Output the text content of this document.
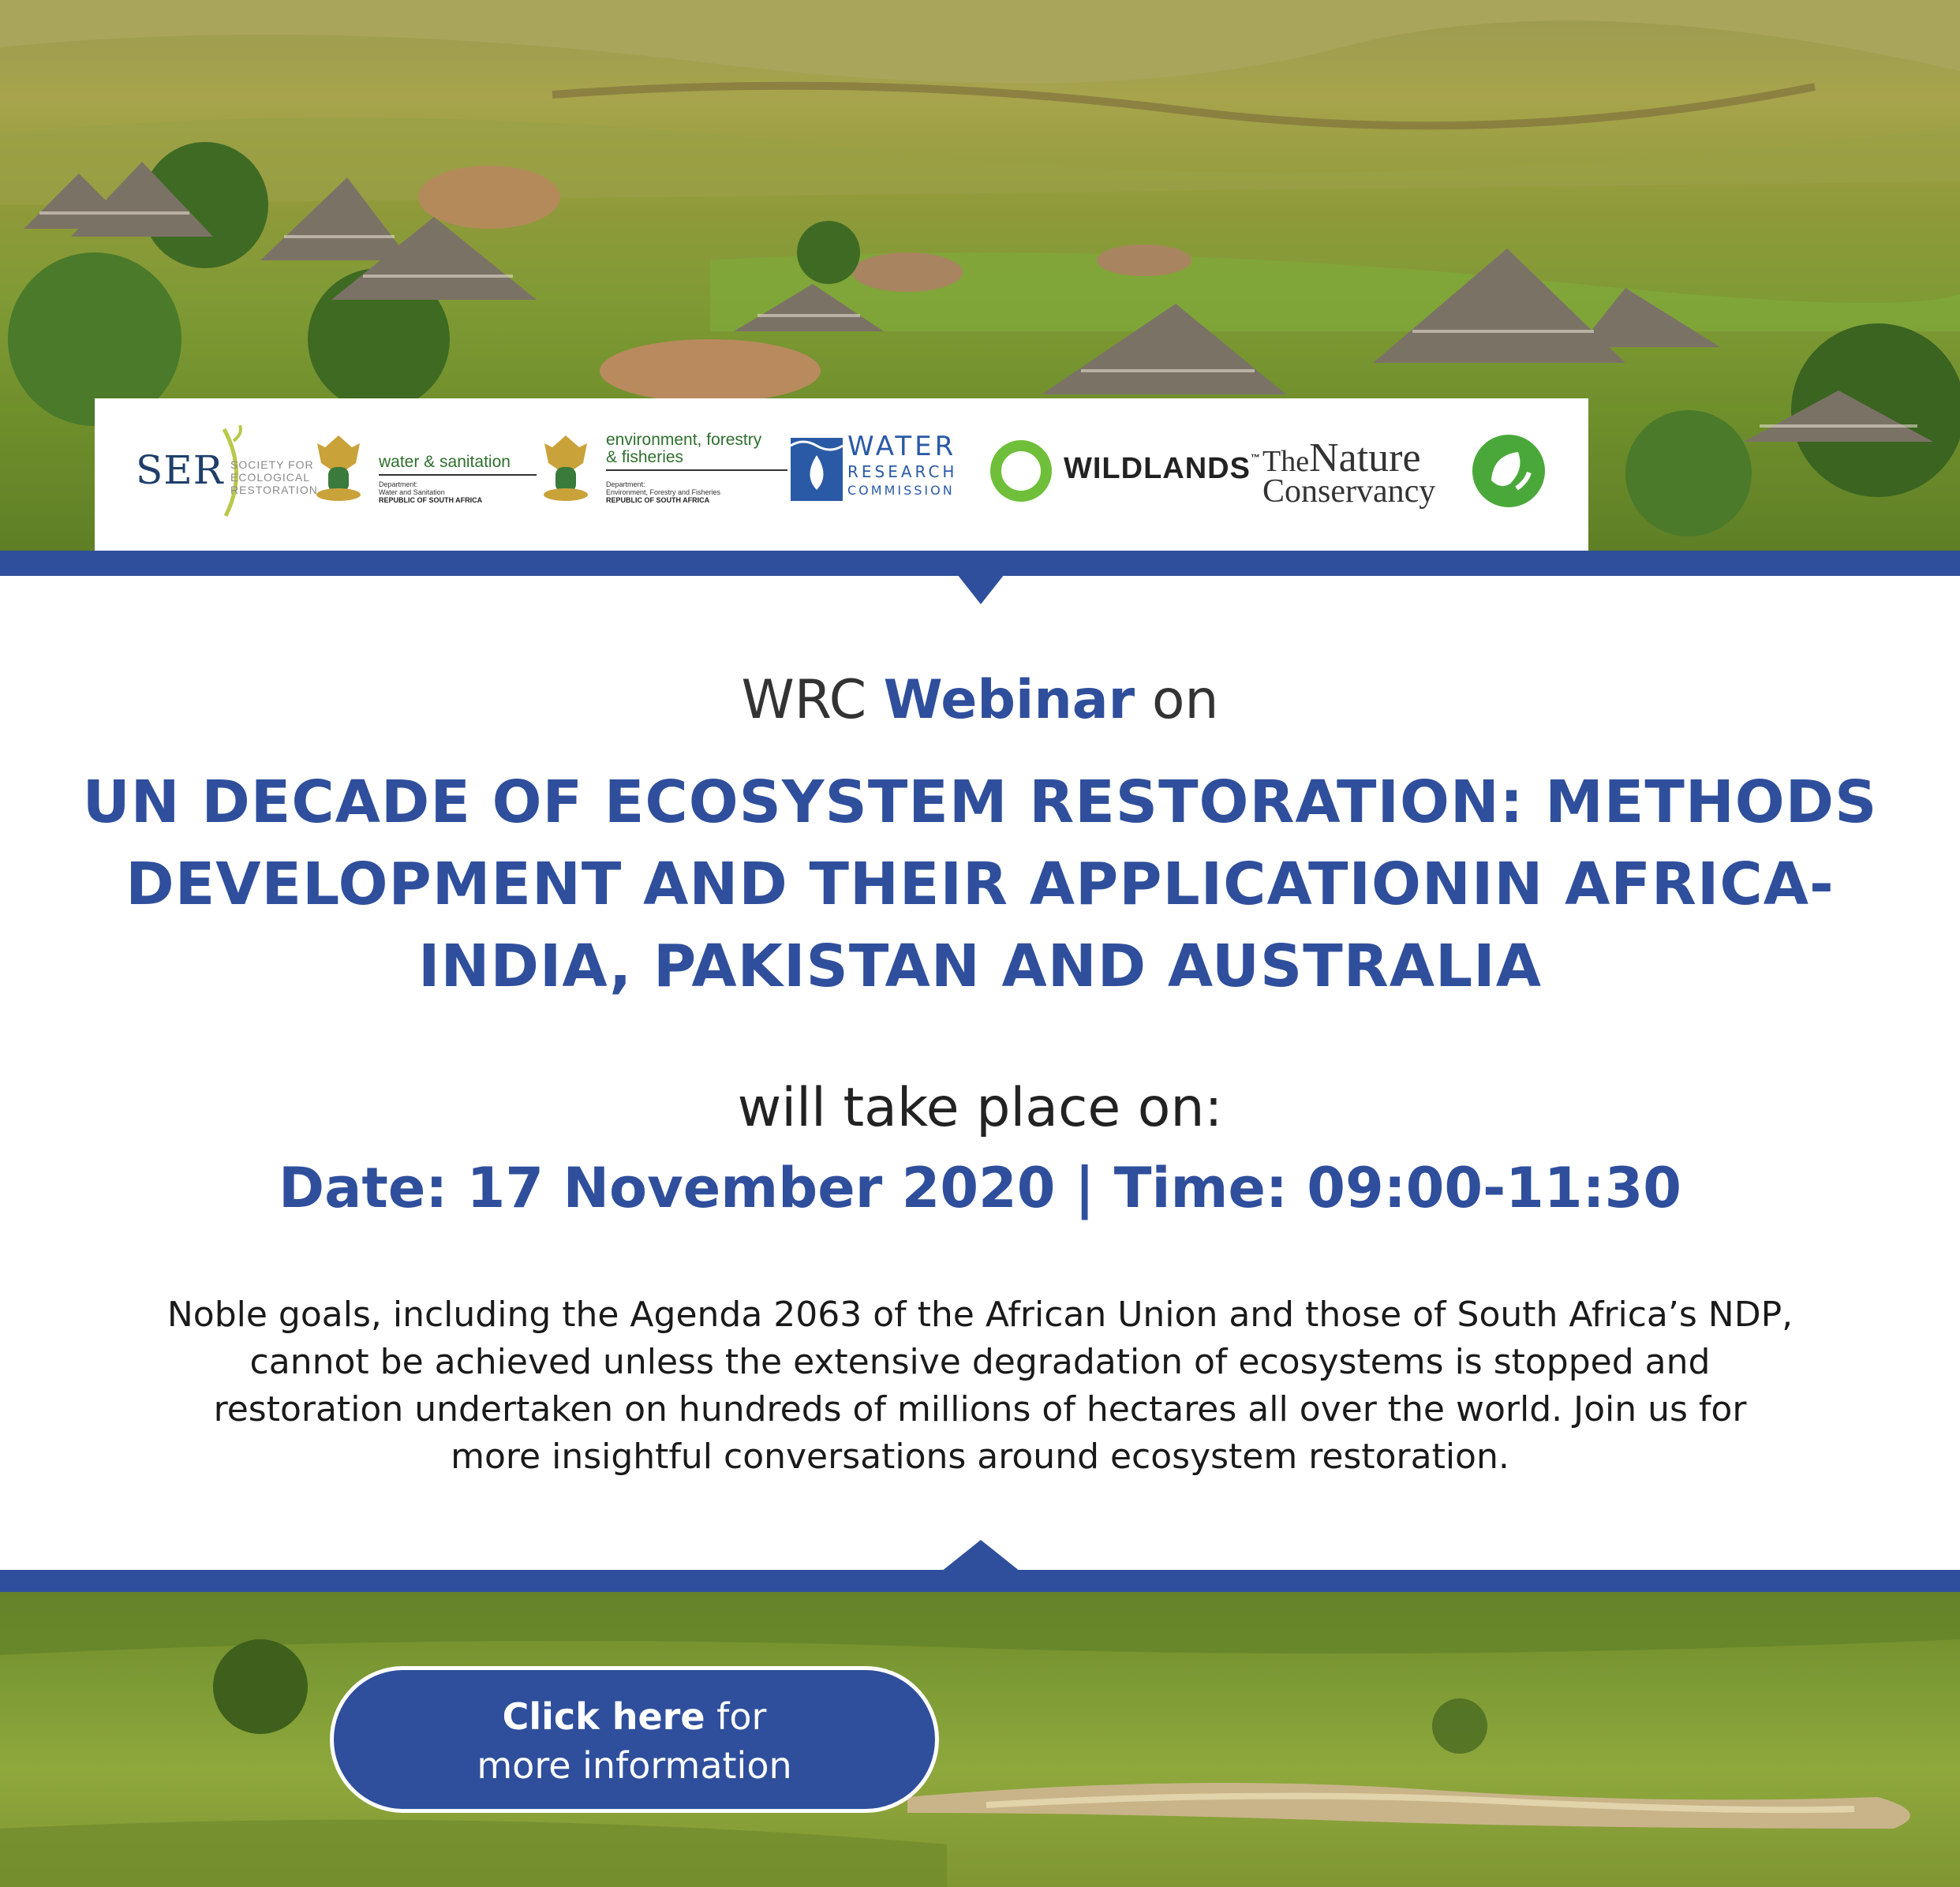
SER SOCIETY FOR
ECOLOGICAL
RESTORATION
water & sanitation
Department:
Water and Sanitation
REPUBLIC OF SOUTH AFRICA
environment, forestry
& fisheries
Department:
Environment, Forestry and Fisheries
REPUBLIC OF SOUTH AFRICA
WATER
RESEARCH
COMMISSION
WILDLANDS™ TheNature
Conservancy
WRC Webinar on
UN DECADE OF ECOSYSTEM RESTORATION: METHODS
DEVELOPMENT AND THEIR APPLICATIONIN AFRICA-
INDIA, PAKISTAN AND AUSTRALIA
will take place on:
Date: 17 November 2020 | Time: 09:00-11:30
Noble goals, including the Agenda 2063 of the African Union and those of South Africa’s NDP,
cannot be achieved unless the extensive degradation of ecosystems is stopped and
restoration undertaken on hundreds of millions of hectares all over the world. Join us for
more insightful conversations around ecosystem restoration.
Click here for
more information
